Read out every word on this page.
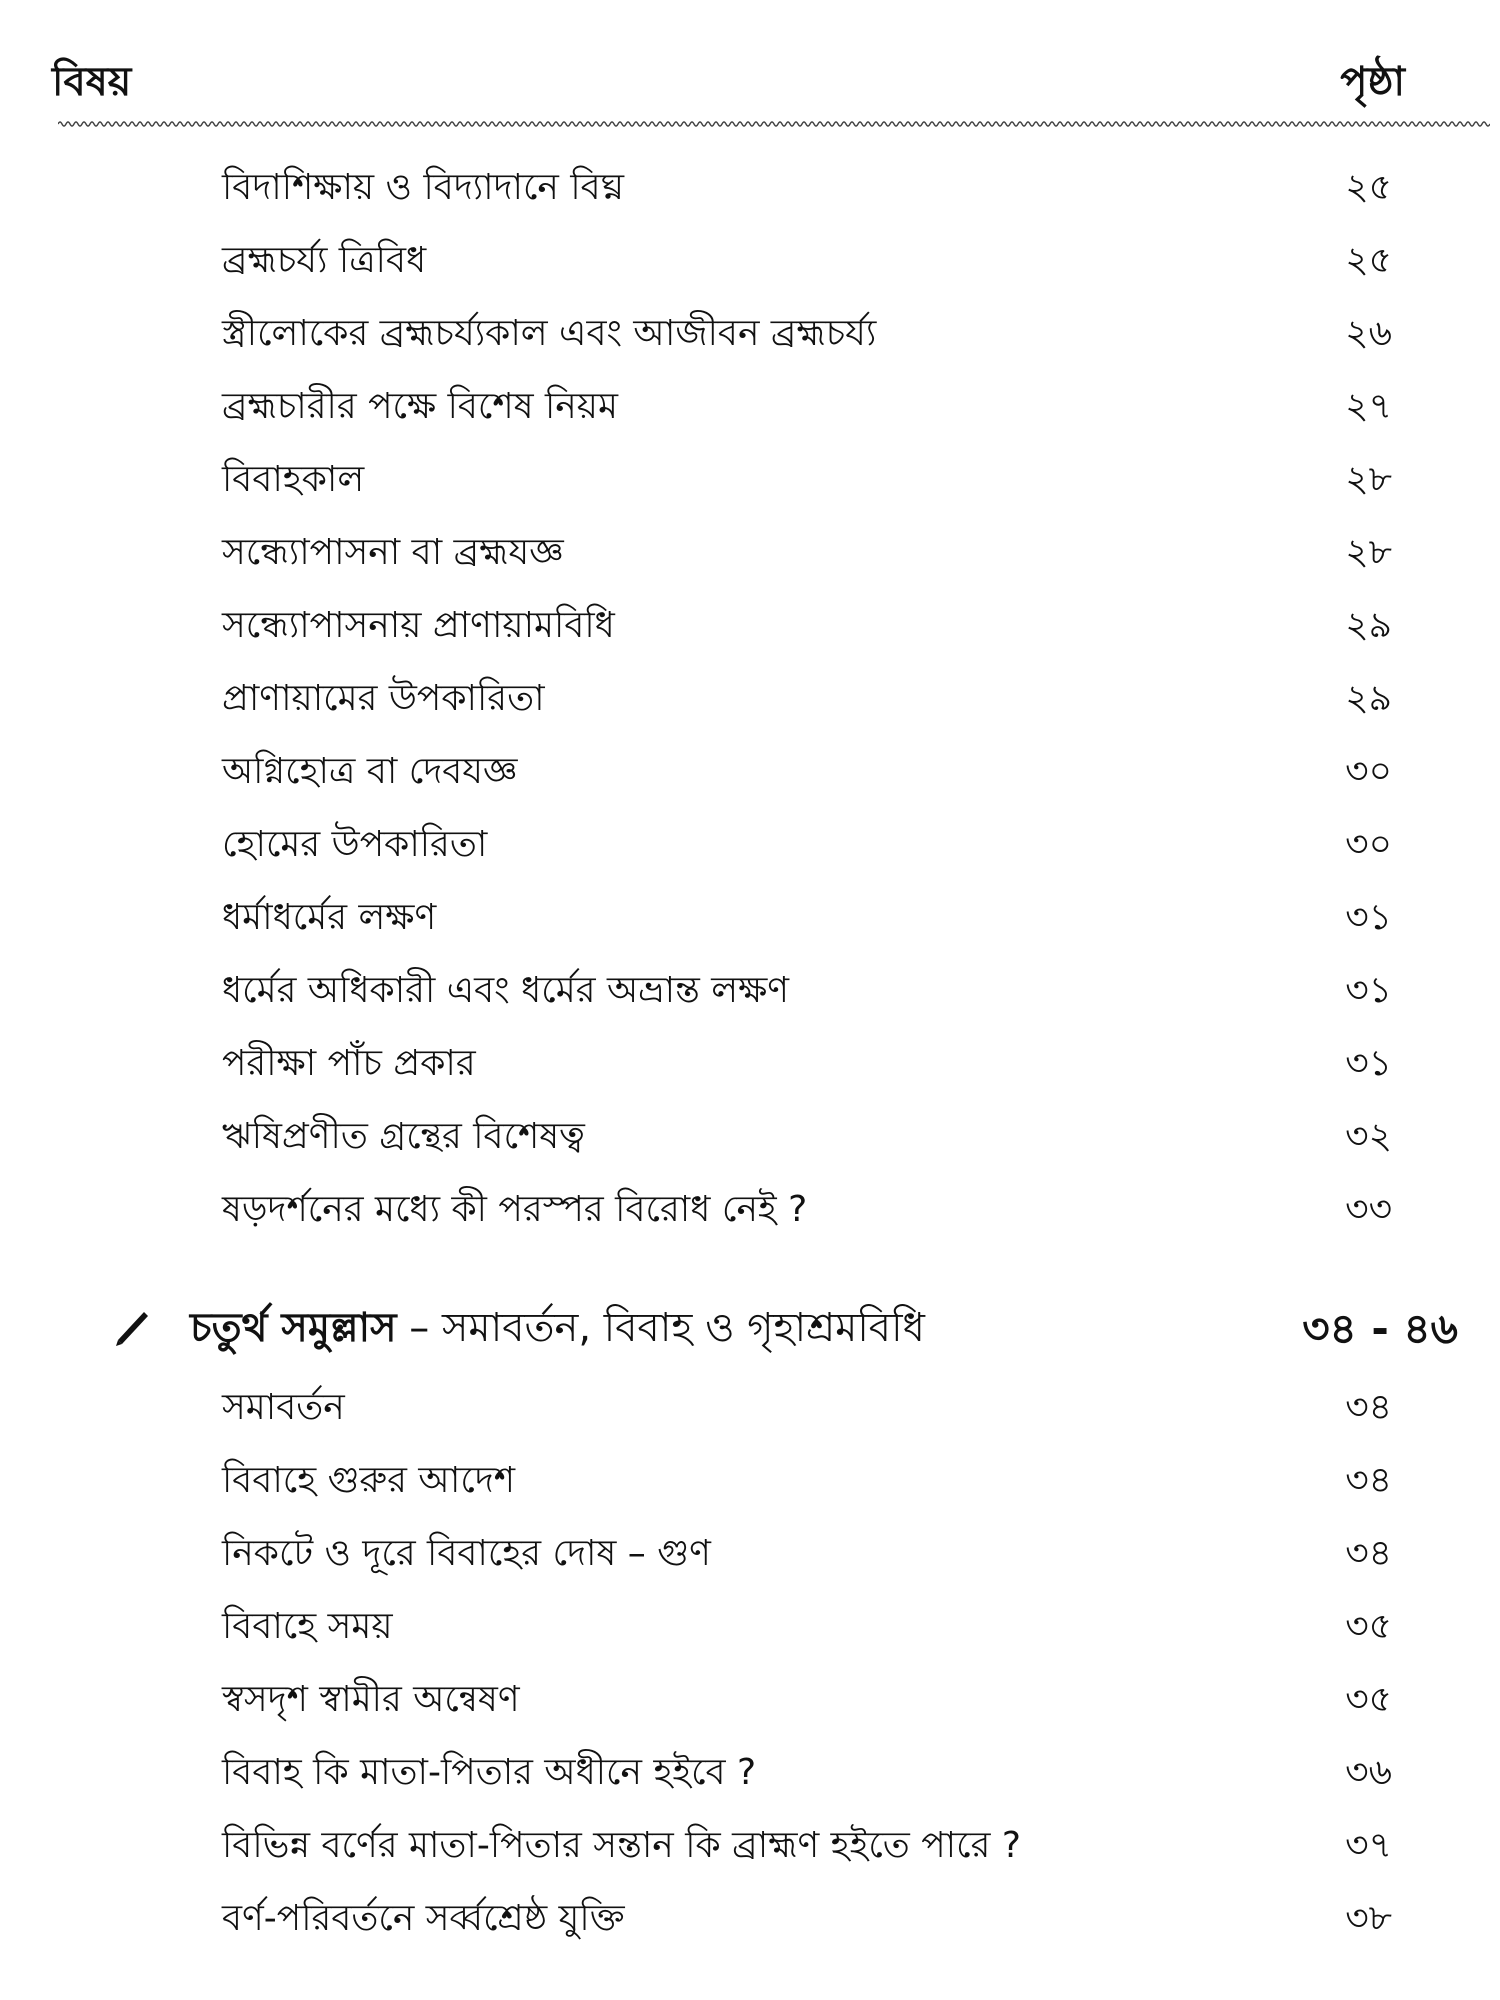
বিষয়	পৃষ্ঠা
বিদাশিক্ষায় ও বিদ্যাদানে বিঘ্ন	২৫
ব্রহ্মচর্য্য ত্রিবিধ	২৫
স্ত্রীলোকের ব্রহ্মচর্য্যকাল এবং আজীবন ব্রহ্মচর্য্য	২৬
ব্রহ্মচারীর পক্ষে বিশেষ নিয়ম	২৭
বিবাহকাল	২৮
সন্ধ্যোপাসনা বা ব্রহ্মযজ্ঞ	২৮
সন্ধ্যোপাসনায় প্রাণায়ামবিধি	২৯
প্রাণায়ামের উপকারিতা	২৯
অগ্নিহোত্র বা দেবযজ্ঞ	৩০
হোমের উপকারিতা	৩০
ধর্মাধর্মের লক্ষণ	৩১
ধর্মের অধিকারী এবং ধর্মের অভ্রান্ত লক্ষণ	৩১
পরীক্ষা পাঁচ প্রকার	৩১
ঋষিপ্রণীত গ্রন্থের বিশেষত্ব	৩২
ষড়দর্শনের মধ্যে কী পরস্পর বিরোধ নেই ?	৩৩
চতুর্থ সমুল্লাস – সমাবর্তন, বিবাহ ও গৃহাশ্রমবিধি	৩৪ - ৪৬
সমাবর্তন	৩৪
বিবাহে গুরুর আদেশ	৩৪
নিকটে ও দূরে বিবাহের দোষ – গুণ	৩৪
বিবাহে সময়	৩৫
স্বসদৃশ স্বামীর অন্বেষণ	৩৫
বিবাহ কি মাতা-পিতার অধীনে হইবে ?	৩৬
বিভিন্ন বর্ণের মাতা-পিতার সন্তান কি ব্রাহ্মণ হইতে পারে ?	৩৭
বর্ণ-পরিবর্তনে সর্ব্বশ্রেষ্ঠ যুক্তি	৩৮
